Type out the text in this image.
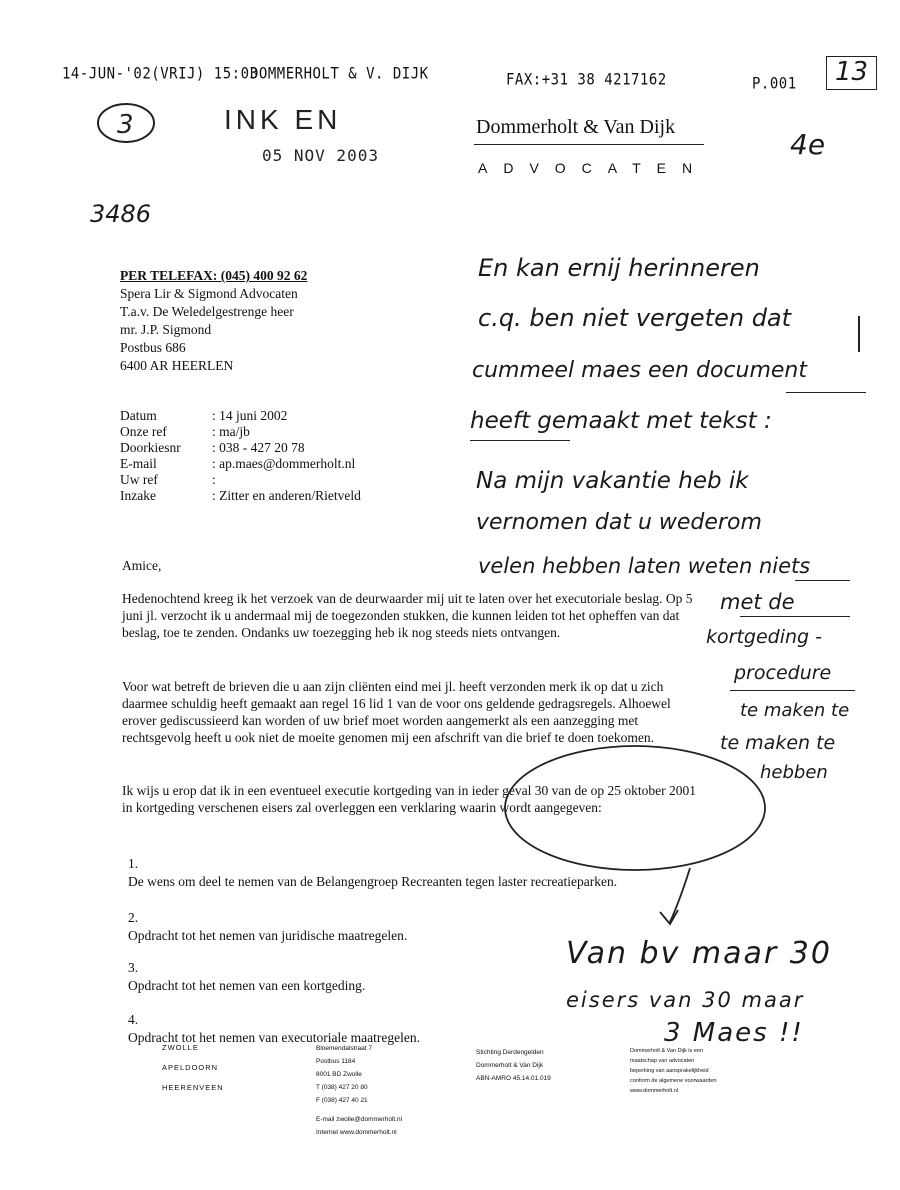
14-JUN-'02(VRIJ) 15:03
DOMMERHOLT & V. DIJK	FAX:+31 38 4217162	P.001	13
3	INK EN
05 NOV 2003
Dommerholt & Van Dijk
ADVOCATEN
4e
3486
PER TELEFAX: (045) 400 92 62
Spera Lir & Sigmond Advocaten
T.a.v. De Weledelgestrenge heer
mr. J.P. Sigmond
Postbus 686
6400 AR HEERLEN
Datum	: 14 juni 2002
Onze ref	: ma/jb
Doorkiesnr : 038 - 427 20 78
E-mail	: ap.maes@dommerholt.nl
Uw ref	:
Inzake	: Zitter en anderen/Rietveld
Amice,
Hedenochtend kreeg ik het verzoek van de deurwaarder mij uit te laten over het executoriale beslag. Op 5 juni jl. verzocht ik u andermaal mij de toegezonden stukken, die kunnen leiden tot het opheffen van dat beslag, toe te zenden. Ondanks uw toezegging heb ik nog steeds niets ontvangen.
Voor wat betreft de brieven die u aan zijn cliënten eind mei jl. heeft verzonden merk ik op dat u zich daarmee schuldig heeft gemaakt aan regel 16 lid 1 van de voor ons geldende gedragsregels. Alhoewel erover gediscussieerd kan worden of uw brief moet worden aangemerkt als een aanzegging met rechtsgevolg heeft u ook niet de moeite genomen mij een afschrift van die brief te doen toekomen.
Ik wijs u erop dat ik in een eventueel executie kortgeding van in ieder geval 30 van de op 25 oktober 2001 in kortgeding verschenen eisers zal overleggen een verklaring waarin wordt aangegeven:
1.
De wens om deel te nemen van de Belangengroep Recreanten tegen laster recreatieparken.
2.
Opdracht tot het nemen van juridische maatregelen.
3.
Opdracht tot het nemen van een kortgeding.
4.
Opdracht tot het nemen van executoriale maatregelen.
En kan ernij herinneren
c.q. ben niet vergeten dat
cummeel maes een document
heeft gemaakt met tekst :
Na mijn vakantie heb ik
vernomen dat u wederom
velen hebben laten weten niets
met de
kortgeding -
procedure
te maken te
te maken te
hebben
Van bv maar 30
eisers van 30 maar
3 Maes !!
ZWOLLE
APELDOORN
HEERENVEEN
Bloemendalstraat 7
Postbus 1184
8001 BD Zwolle
T (038) 427 20 80
F (038) 427 40 21
E-mail zwolle@dommerholt.nl
Internet www.dommerholt.nl
Stichting Derdengelden
Dommerholt & Van Dijk
ABN-AMRO 45.14.01.019
Dommerholt & Van Dijk is een
maatschap van advocaten
beperking van aansprakelijkheid
conform de algemene voorwaarden
www.dommerholt.nl
